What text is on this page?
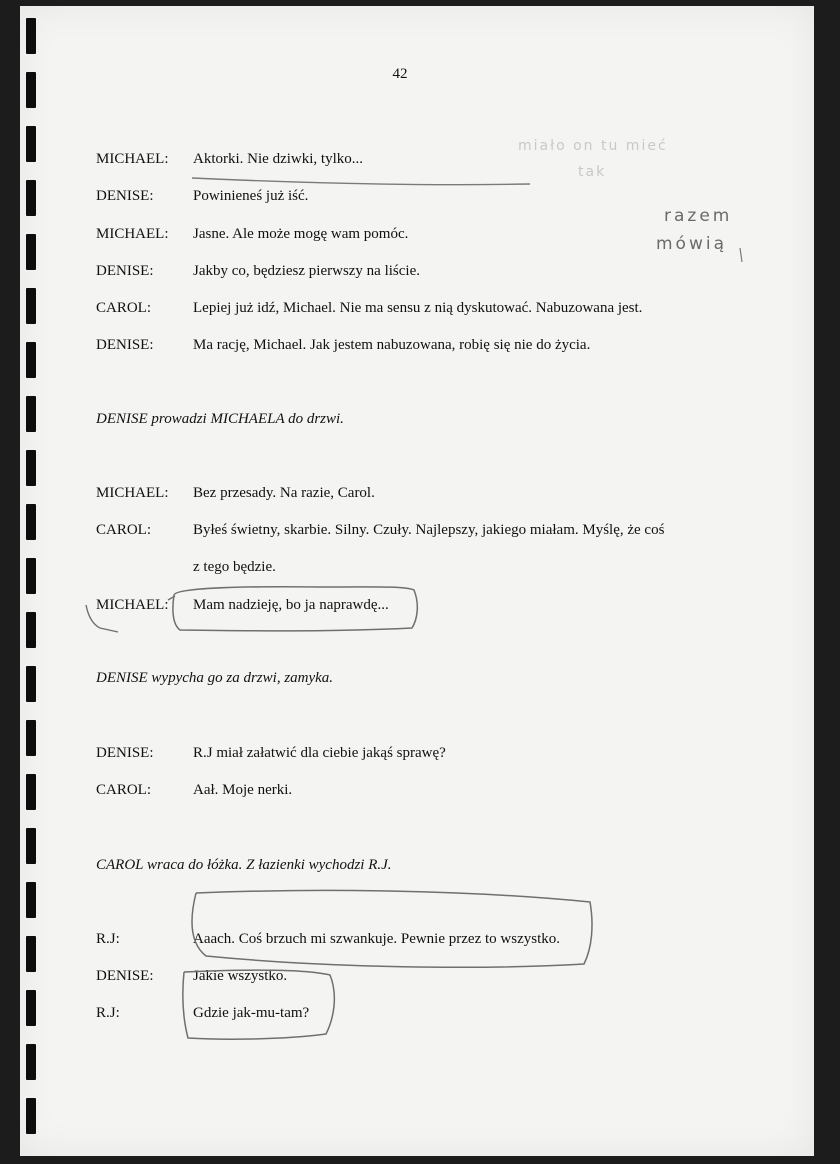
42
MICHAEL: Aktorki. Nie dziwki, tylko...
DENISE:	Powinieneś już iść.
MICHAEL: Jasne. Ale może mogę wam pomóc.
DENISE:	Jakby co, będziesz pierwszy na liście.
CAROL:	Lepiej już idź, Michael. Nie ma sensu z nią dyskutować. Nabuzowana jest.
DENISE:	Ma rację, Michael. Jak jestem nabuzowana, robię się nie do życia.
DENISE prowadzi MICHAELA do drzwi.
MICHAEL: Bez przesady. Na razie, Carol.
CAROL:	Byłeś świetny, skarbie. Silny. Czuły. Najlepszy, jakiego miałam. Myślę, że coś
z tego będzie.
MICHAEL: Mam nadzieję, bo ja naprawdę...
DENISE wypycha go za drzwi, zamyka.
DENISE:	R.J miał załatwić dla ciebie jakąś sprawę?
CAROL:	Aał. Moje nerki.
CAROL wraca do łóżka. Z łazienki wychodzi R.J.
R.J:	Aaach. Coś brzuch mi szwankuje. Pewnie przez to wszystko.
DENISE:	Jakie wszystko.
R.J:	Gdzie jak-mu-tam?
razem
mówią
miało on tu mieć
tak
